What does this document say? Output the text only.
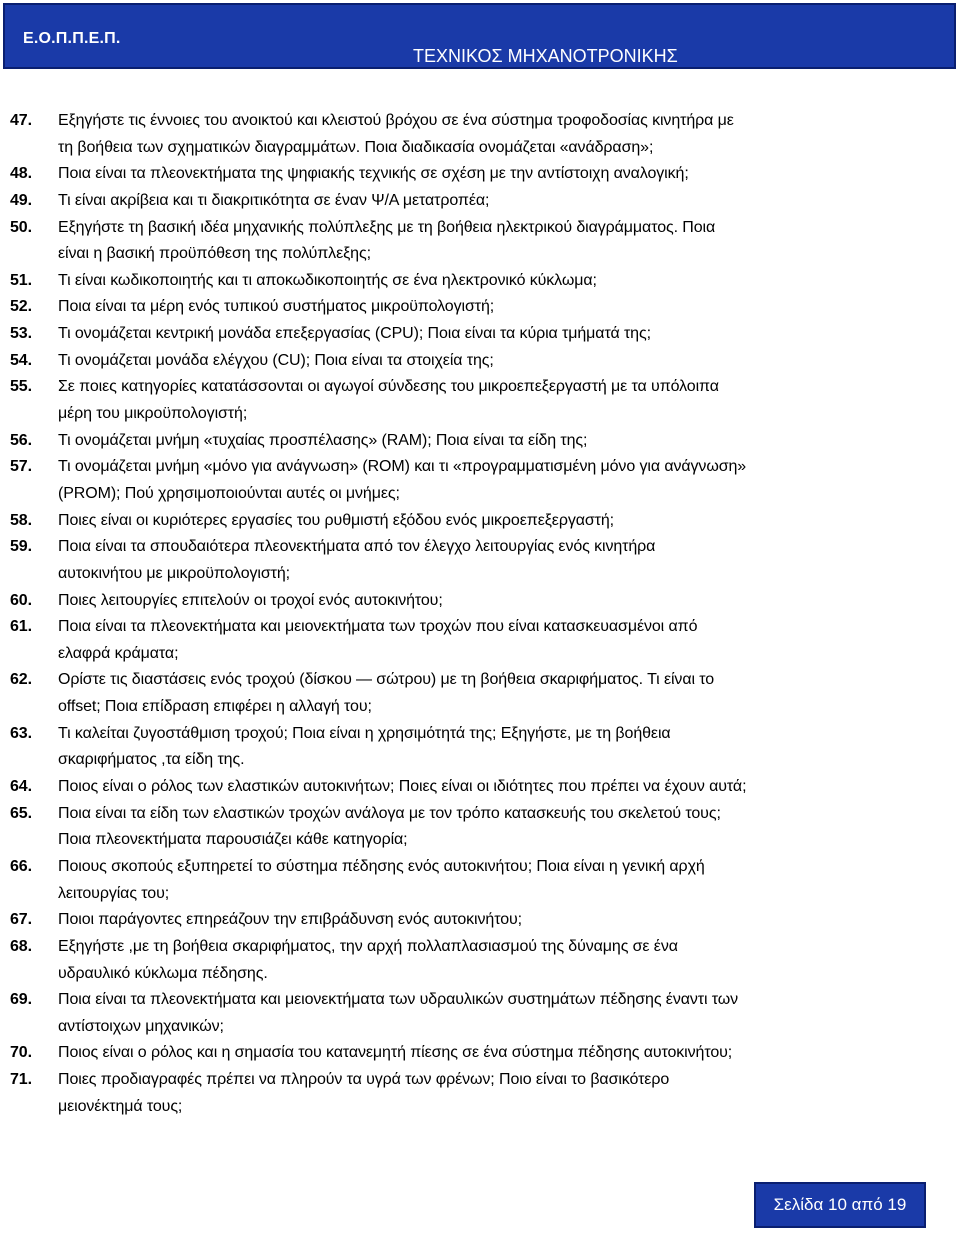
Ε.Ο.Π.Π.Ε.Π.
ΤΕΧΝΙΚΟΣ ΜΗΧΑΝΟΤΡΟΝΙΚΗΣ
47. Εξηγήστε τις έννοιες του ανοικτού και κλειστού βρόχου σε ένα σύστημα τροφοδοσίας κινητήρα με
τη βοήθεια των σχηματικών διαγραμμάτων. Ποια διαδικασία ονομάζεται «ανάδραση»;
48. Ποια είναι τα πλεονεκτήματα της ψηφιακής τεχνικής σε σχέση με την αντίστοιχη αναλογική;
49. Τι είναι ακρίβεια και τι διακριτικότητα σε έναν Ψ/Α μετατροπέα;
50. Εξηγήστε τη βασική ιδέα μηχανικής πολύπλεξης με τη βοήθεια ηλεκτρικού διαγράμματος. Ποια
είναι η βασική προϋπόθεση της πολύπλεξης;
51. Τι είναι κωδικοποιητής και τι αποκωδικοποιητής σε ένα ηλεκτρονικό κύκλωμα;
52. Ποια είναι τα μέρη ενός τυπικού συστήματος μικροϋπολογιστή;
53. Τι ονομάζεται κεντρική μονάδα επεξεργασίας (CPU); Ποια είναι τα κύρια τμήματά της;
54. Τι ονομάζεται μονάδα ελέγχου (CU); Ποια είναι τα στοιχεία της;
55. Σε ποιες κατηγορίες κατατάσσονται οι αγωγοί σύνδεσης του μικροεπεξεργαστή με τα υπόλοιπα
μέρη του μικροϋπολογιστή;
56. Τι ονομάζεται μνήμη «τυχαίας προσπέλασης» (RAM); Ποια είναι τα είδη της;
57. Τι ονομάζεται μνήμη «μόνο για ανάγνωση» (ROM) και τι «προγραμματισμένη μόνο για ανάγνωση»
(PROM); Πού χρησιμοποιούνται αυτές οι μνήμες;
58. Ποιες είναι οι κυριότερες εργασίες του ρυθμιστή εξόδου ενός μικροεπεξεργαστή;
59. Ποια είναι τα σπουδαιότερα πλεονεκτήματα από τον έλεγχο λειτουργίας ενός κινητήρα
αυτοκινήτου με μικροϋπολογιστή;
60. Ποιες λειτουργίες επιτελούν οι τροχοί ενός αυτοκινήτου;
61. Ποια είναι τα πλεονεκτήματα και μειονεκτήματα των τροχών που είναι κατασκευασμένοι από
ελαφρά κράματα;
62. Ορίστε τις διαστάσεις ενός τροχού (δίσκου — σώτρου) με τη βοήθεια σκαριφήματος. Τι είναι το
offset; Ποια επίδραση επιφέρει η αλλαγή του;
63. Τι καλείται ζυγοστάθμιση τροχού; Ποια είναι η χρησιμότητά της; Εξηγήστε, με τη βοήθεια
σκαριφήματος ,τα είδη της.
64. Ποιος είναι ο ρόλος των ελαστικών αυτοκινήτων; Ποιες είναι οι ιδιότητες που πρέπει να έχουν αυτά;
65. Ποια είναι τα είδη των ελαστικών τροχών ανάλογα με τον τρόπο κατασκευής του σκελετού τους;
Ποια πλεονεκτήματα παρουσιάζει κάθε κατηγορία;
66. Ποιους σκοπούς εξυπηρετεί το σύστημα πέδησης ενός αυτοκινήτου; Ποια είναι η γενική αρχή
λειτουργίας του;
67. Ποιοι παράγοντες επηρεάζουν την επιβράδυνση ενός αυτοκινήτου;
68. Εξηγήστε ,με τη βοήθεια σκαριφήματος, την αρχή πολλαπλασιασμού της δύναμης σε ένα
υδραυλικό κύκλωμα πέδησης.
69. Ποια είναι τα πλεονεκτήματα και μειονεκτήματα των υδραυλικών συστημάτων πέδησης έναντι των
αντίστοιχων μηχανικών;
70. Ποιος είναι ο ρόλος και η σημασία του κατανεμητή πίεσης σε ένα σύστημα πέδησης αυτοκινήτου;
71. Ποιες προδιαγραφές πρέπει να πληρούν τα υγρά των φρένων; Ποιο είναι το βασικότερο
μειονέκτημά τους;
Σελίδα 10 από 19
